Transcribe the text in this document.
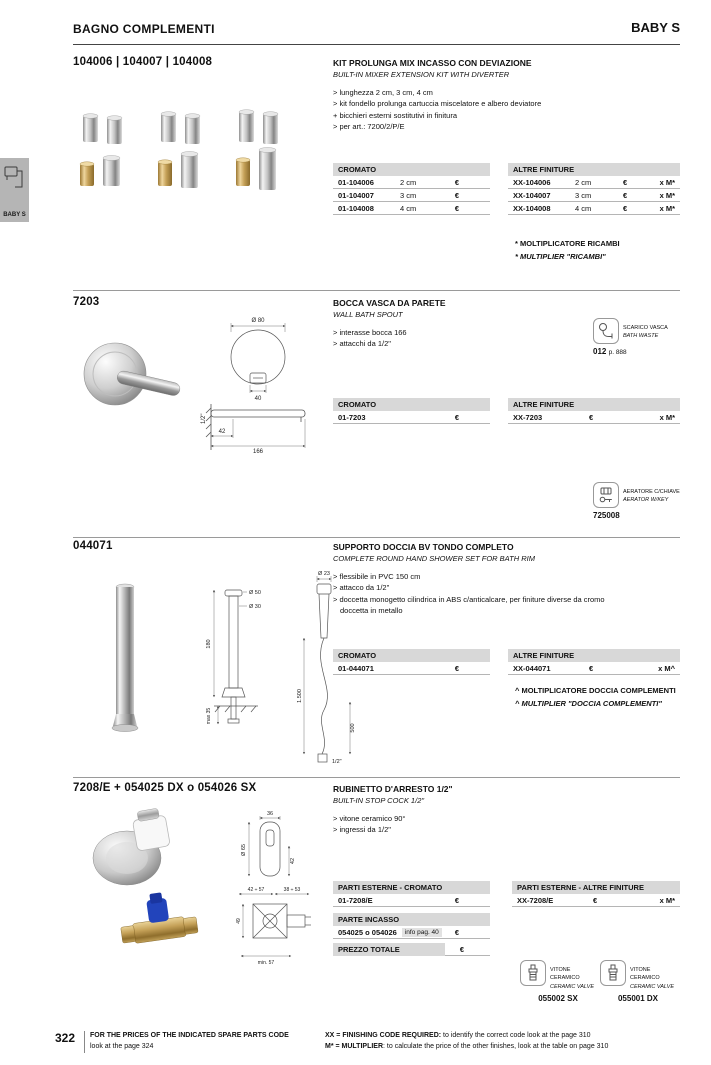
BAGNO COMPLEMENTI	BABY S
BABY S
104006 | 104007 | 104008	KIT PROLUNGA MIX INCASSO CON DEVIAZIONE
BUILT-IN MIXER EXTENSION KIT WITH DIVERTER
> lunghezza 2 cm, 3 cm, 4 cm
> kit fondello prolunga cartuccia miscelatore e albero deviatore
+ bicchieri esterni sostitutivi in finitura
> per art.: 7200/2/P/E
CROMATO
01-104006	2 cm	€
01-104007	3 cm	€
01-104008	4 cm	€
ALTRE FINITURE
XX-104006	2 cm	€	x M*
XX-104007	3 cm	€	x M*
XX-104008	4 cm	€	x M*
* MOLTIPLICATORE RICAMBI
* MULTIPLIER "RICAMBI"
7203
Ø 80
40
42
166
1/2"
BOCCA VASCA DA PARETE
WALL BATH SPOUT
> interasse bocca 166
> attacchi da 1/2"
SCARICO VASCA
BATH WASTE
012 p. 888
CROMATO
01-7203	€
ALTRE FINITURE
XX-7203	€	x M*
AERATORE C/CHIAVE
AERATOR W/KEY
725008
044071
180
max 35
Ø 50
Ø 30
Ø 23
1.500
500
1/2"
SUPPORTO DOCCIA BV TONDO COMPLETO
COMPLETE ROUND HAND SHOWER SET FOR BATH RIM
> flessibile in PVC 150 cm
> attacco da 1/2"
> doccetta monogetto cilindrica in ABS c/anticalcare, per finiture diverse da cromo doccetta in metallo
CROMATO
01-044071	€
ALTRE FINITURE
XX-044071	€	x M^
^ MOLTIPLICATORE DOCCIA COMPLEMENTI
^ MULTIPLIER "DOCCIA COMPLEMENTI"
7208/E + 054025 DX o 054026 SX
36
Ø 65
42
42 ÷ 57	38 ÷ 53
49
min. 57
RUBINETTO D'ARRESTO 1/2"
BUILT-IN STOP COCK 1/2"
> vitone ceramico 90°
> ingressi da 1/2"
PARTI ESTERNE - CROMATO
01-7208/E	€
PARTI ESTERNE - ALTRE FINITURE
XX-7208/E	€	x M*
PARTE INCASSO
054025 o 054026	info pag. 40	€
PREZZO TOTALE	€
VITONE CERAMICO
CERAMIC VALVE
055002 SX
VITONE CERAMICO
CERAMIC VALVE
055001 DX
322 FOR THE PRICES OF THE INDICATED SPARE PARTS CODE
look at the page 324
XX = FINISHING CODE REQUIRED: to identify the correct code look at the page 310
M* = MULTIPLIER: to calculate the price of the other finishes, look at the table on page 310
